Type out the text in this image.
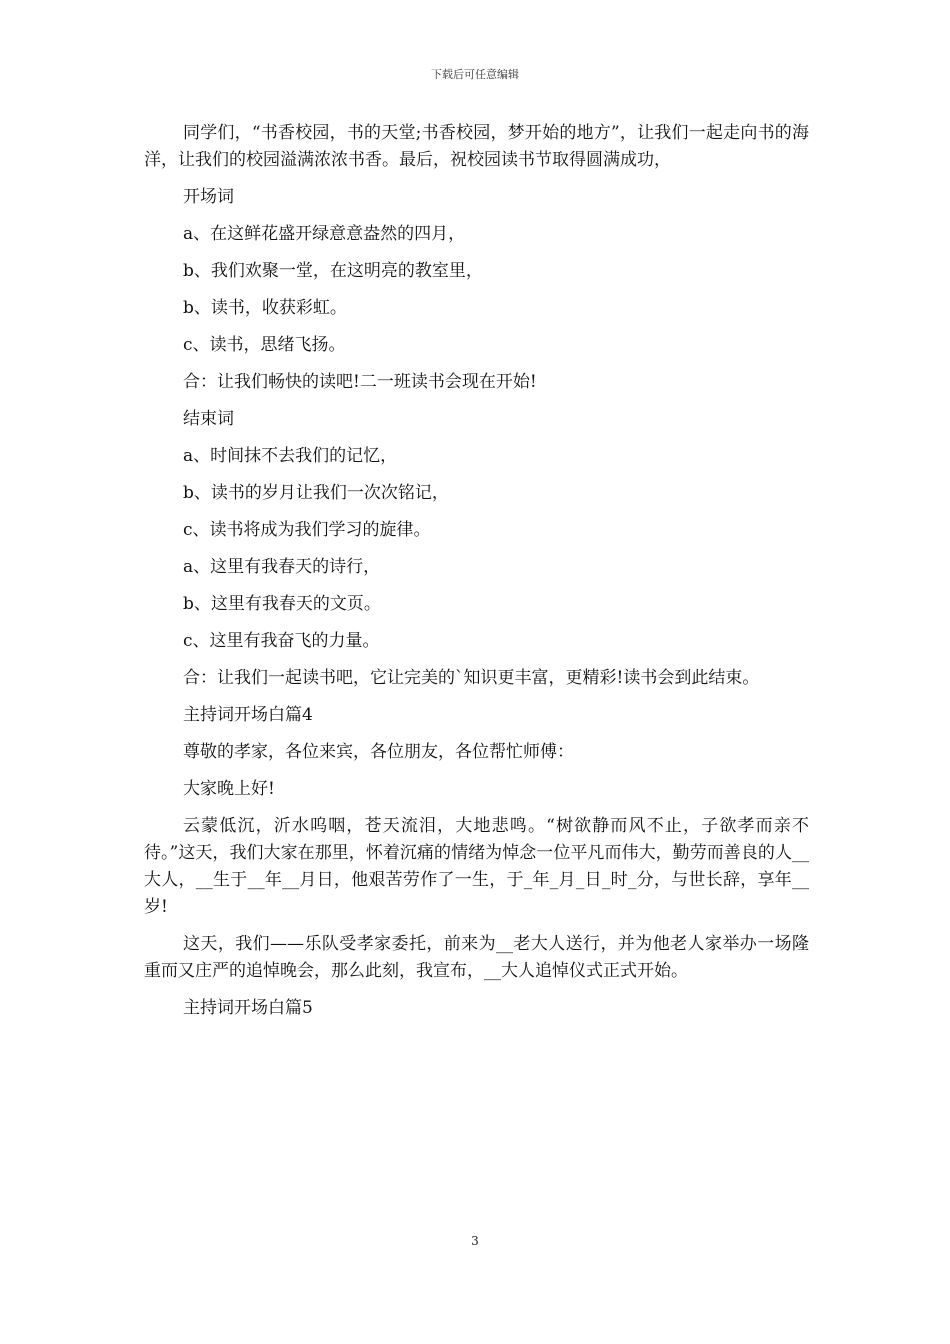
下载后可任意编辑

同学们，“书香校园，书的天堂;书香校园，梦开始的地方”，让我们一起走向书的海洋，让我们的校园溢满浓浓书香。最后，祝校园读书节取得圆满成功，

开场词

a、在这鲜花盛开绿意意盎然的四月，

b、我们欢聚一堂，在这明亮的教室里，

b、读书，收获彩虹。

c、读书，思绪飞扬。

合：让我们畅快的读吧!二一班读书会现在开始!

结束词

a、时间抹不去我们的记忆，

b、读书的岁月让我们一次次铭记，

c、读书将成为我们学习的旋律。

a、这里有我春天的诗行，

b、这里有我春天的文页。

c、这里有我奋飞的力量。

合：让我们一起读书吧，它让完美的`知识更丰富，更精彩!读书会到此结束。

主持词开场白篇4

尊敬的孝家，各位来宾，各位朋友，各位帮忙师傅：

大家晚上好!

云蒙低沉，沂水呜咽，苍天流泪，大地悲鸣。“树欲静而风不止，子欲孝而亲不待。”这天，我们大家在那里，怀着沉痛的情绪为悼念一位平凡而伟大，勤劳而善良的人__大人，__生于__年__月日，他艰苦劳作了一生，于_年_月_日_时_分，与世长辞，享年__岁!

这天，我们——乐队受孝家委托，前来为__老大人送行，并为他老人家举办一场隆重而又庄严的追悼晚会，那么此刻，我宣布，__大人追悼仪式正式开始。

主持词开场白篇5

3
